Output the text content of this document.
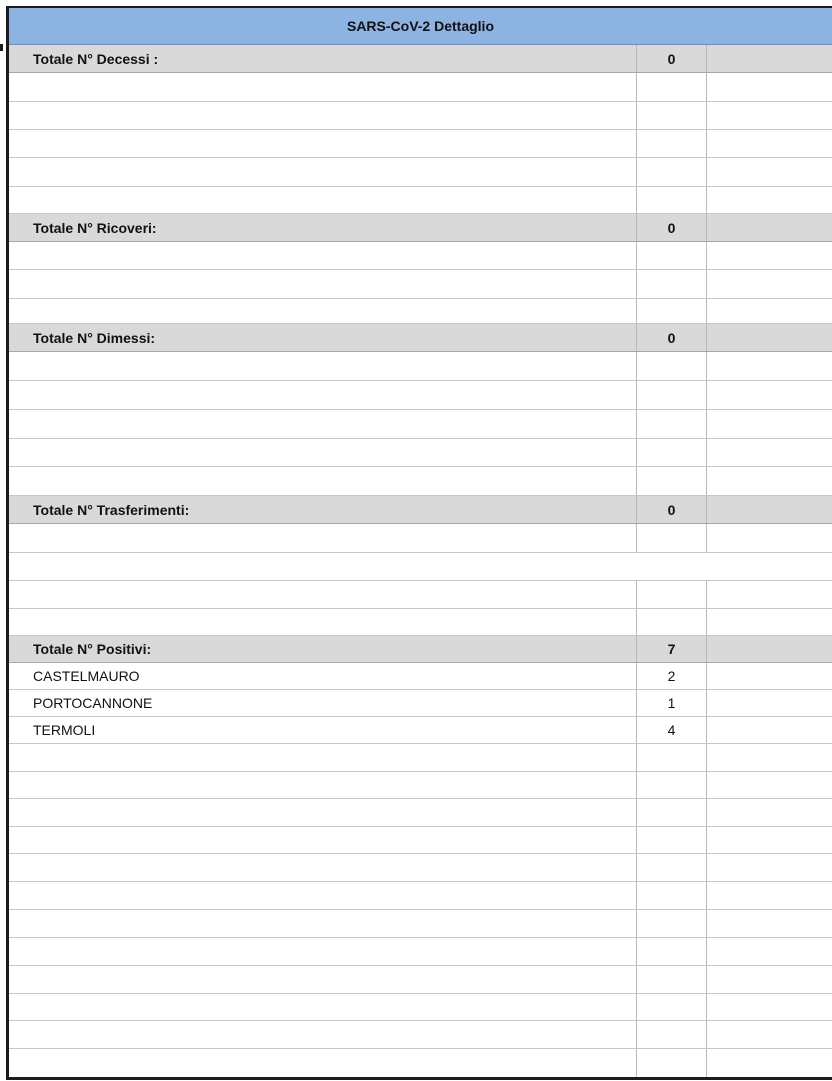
SARS-CoV-2 Dettaglio
Totale N° Decessi :	0
Totale N° Ricoveri:	0
Totale N° Dimessi:	0
Totale N° Trasferimenti:	0
Totale N° Positivi:	7
CASTELMAURO	2
PORTOCANNONE	1
TERMOLI	4
